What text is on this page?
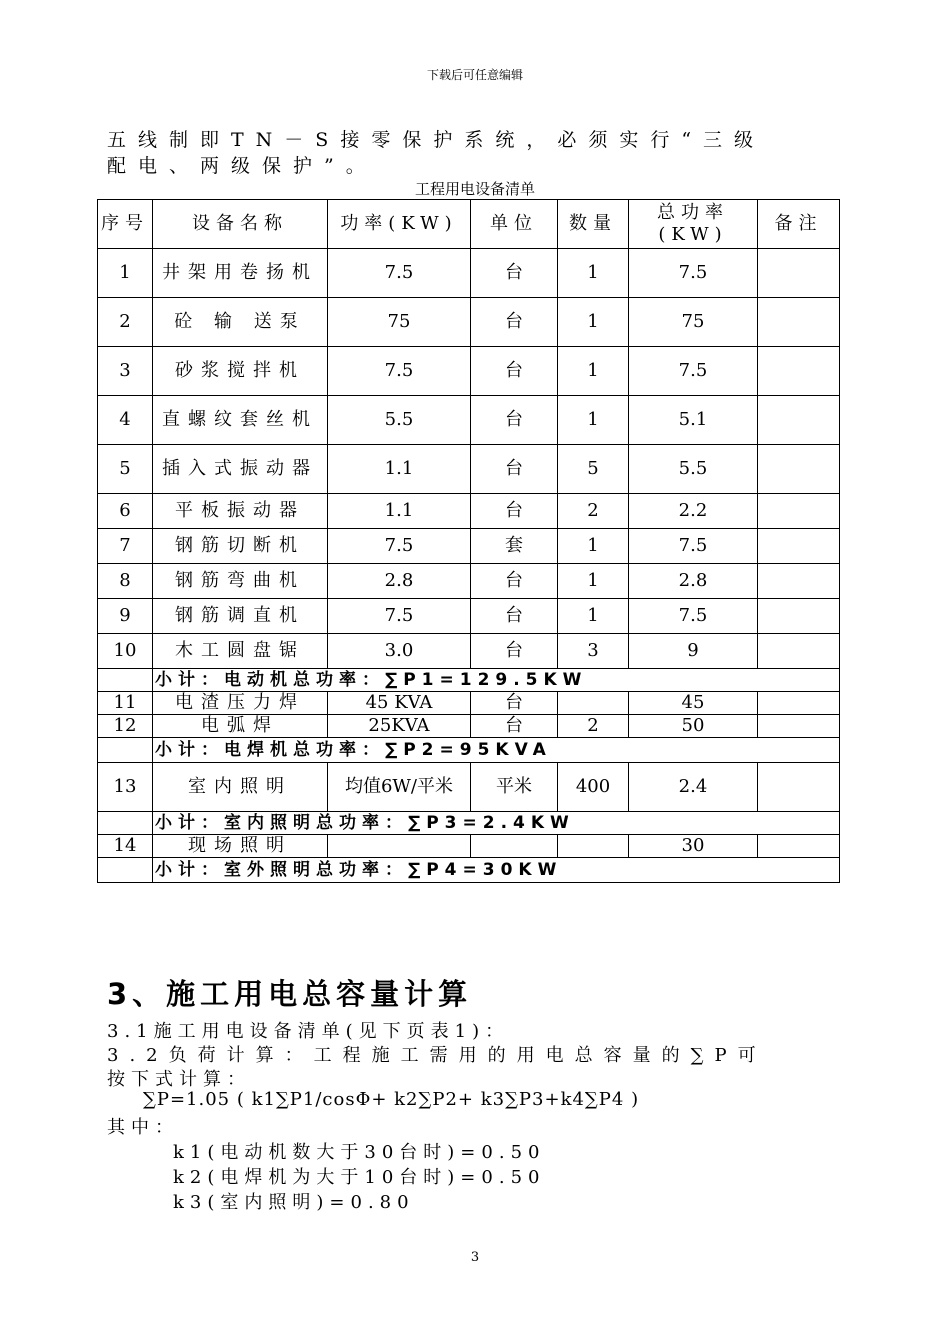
下载后可任意编辑
五线制即TN－S接零保护系统，必须实行“三级
配电、两级保护”。
工程用电设备清单
序号	设备名称	功率(KW)	单位	数量	总功率(KW)	备注
1	井架用卷扬机	7.5	台	1	7.5	
2	砼 输 送泵	75	台	1	75	
3	砂浆搅拌机	7.5	台	1	7.5	
4	直螺纹套丝机	5.5	台	1	5.1	
5	插入式振动器	1.1	台	5	5.5	
6	平板振动器	1.1	台	2	2.2	
7	钢筋切断机	7.5	套	1	7.5	
8	钢筋弯曲机	2.8	台	1	2.8	
9	钢筋调直机	7.5	台	1	7.5	
10	木工圆盘锯	3.0	台	3	9	
	小计：电动机总功率：∑P1=129.5KW					
11	电渣压力焊	45 KVA	台		45	
12	电弧焊	25KVA	台	2	50	
	小计：电焊机总功率：∑P2=95KVA					
13	室内照明	均值6W/平米	平米	400	2.4	
	小计：室内照明总功率：∑P3=2.4KW					
14	现场照明				30	
	小计：室外照明总功率：∑P4=30KW					
3、施工用电总容量计算
3.1施工用电设备清单(见下页表1)：
3.2负荷计算：工程施工需用的用电总容量的∑P可
按下式计算：
∑P=1.05 ( k1∑P1/cosΦ+ k2∑P2+ k3∑P3+k4∑P4 )
其中：
k1(电动机数大于30台时)=0.50
k2(电焊机为大于10台时)=0.50
k3(室内照明)=0.80
3
